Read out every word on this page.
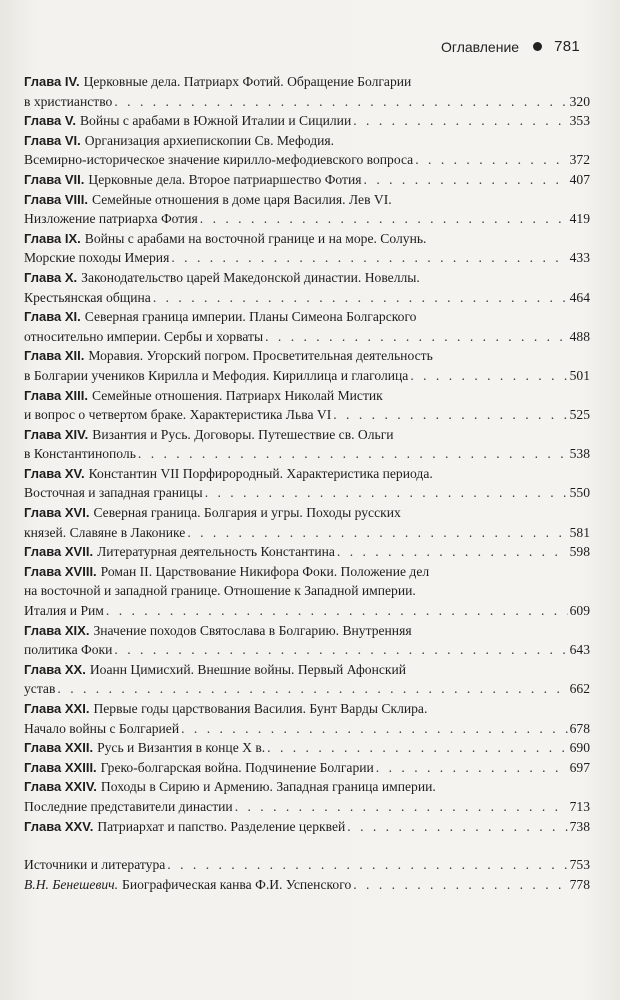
Оглавление 781
Глава IV. Церковные дела. Патриарх Фотий. Обращение Болгарии
в христианство . . .	320
Глава V. Войны с арабами в Южной Италии и Сицилии . . .	353
Глава VI. Организация архиепископии Св. Мефодия.
Всемирно-историческое значение кирилло-мефодиевского вопроса . . .	372
Глава VII. Церковные дела. Второе патриаршество Фотия . . .	407
Глава VIII. Семейные отношения в доме царя Василия. Лев VI.
Низложение патриарха Фотия . . .	419
Глава IX. Войны с арабами на восточной границе и на море. Солунь.
Морские походы Имерия . . .	433
Глава X. Законодательство царей Македонской династии. Новеллы.
Крестьянская община . . .	464
Глава XI. Северная граница империи. Планы Симеона Болгарского
относительно империи. Сербы и хорваты . . .	488
Глава XII. Моравия. Угорский погром. Просветительная деятельность
в Болгарии учеников Кирилла и Мефодия. Кириллица и глаголица . . .	501
Глава XIII. Семейные отношения. Патриарх Николай Мистик
и вопрос о четвертом браке. Характеристика Льва VI . . .	525
Глава XIV. Византия и Русь. Договоры. Путешествие св. Ольги
в Константинополь . . .	538
Глава XV. Константин VII Порфирородный. Характеристика периода.
Восточная и западная границы . . .	550
Глава XVI. Северная граница. Болгария и угры. Походы русских
князей. Славяне в Лаконике . . .	581
Глава XVII. Литературная деятельность Константина . . .	598
Глава XVIII. Роман II. Царствование Никифора Фоки. Положение дел
на восточной и западной границе. Отношение к Западной империи.
Италия и Рим . . .	609
Глава XIX. Значение походов Святослава в Болгарию. Внутренняя
политика Фоки . . .	643
Глава XX. Иоанн Цимисхий. Внешние войны. Первый Афонский
устав . . .	662
Глава XXI. Первые годы царствования Василия. Бунт Варды Склира.
Начало войны с Болгарией . . .	678
Глава XXII. Русь и Византия в конце X в. . . .	690
Глава XXIII. Греко-болгарская война. Подчинение Болгарии . . .	697
Глава XXIV. Походы в Сирию и Армению. Западная граница империи.
Последние представители династии . . .	713
Глава XXV. Патриархат и папство. Разделение церквей . . .	738
Источники и литература . . .	753
В.Н. Бенешевич. Биографическая канва Ф.И. Успенского . . .	778
